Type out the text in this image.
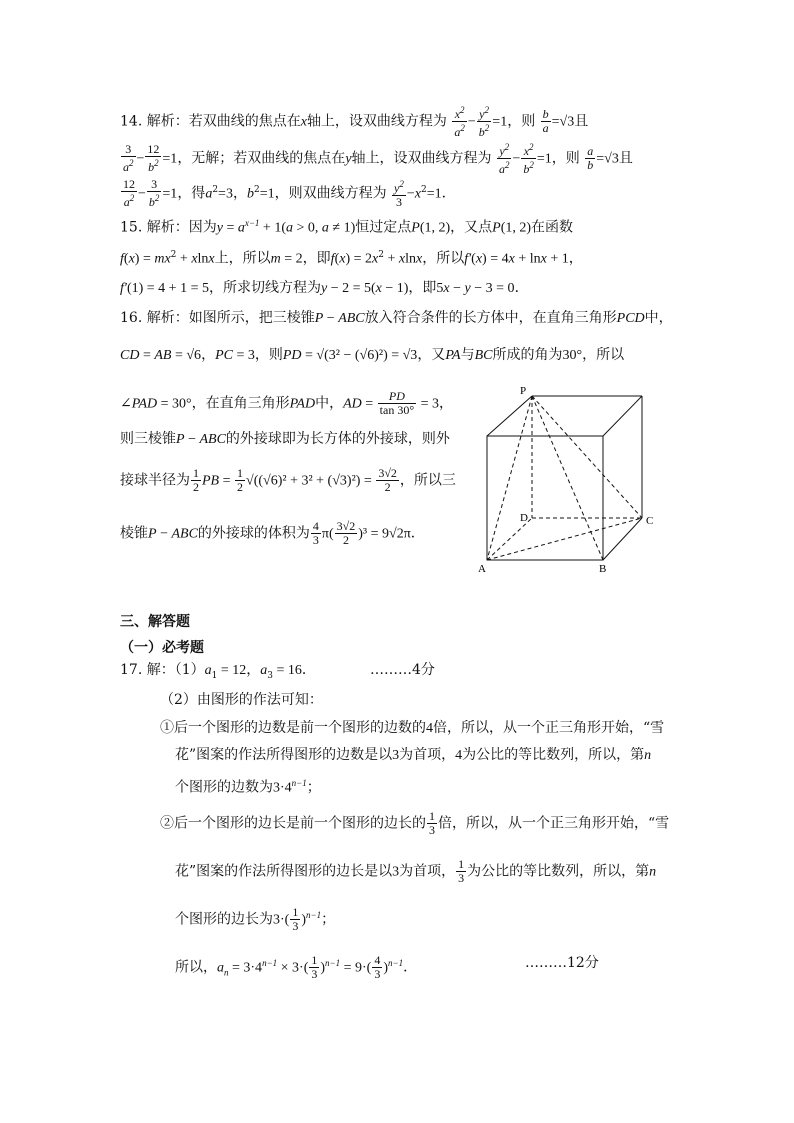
14. 解析：若双曲线的焦点在x轴上，设双曲线方程为 $\frac{x^2}{a^2} - \frac{y^2}{b^2} =1$，则 $\frac{b}{a} =√3$且
$\frac{3}{a^2} - \frac{12}{b^2} =1$，无解；若双曲线的焦点在y轴上，设双曲线方程为 $\frac{y^2}{a^2} - \frac{x^2}{b^2} =1$，则 $\frac{a}{b} =√3$且
$\frac{12}{a^2} - \frac{3}{b^2} =1$，得$a^2=3$，$b^2=1$，则双曲线方程为 $\frac{y^2}{3} -x^2=1$．
15. 解析：因为$y = a^{x-1} + 1(a > 0$, a ≠ 1)恒过定点P(1, 2)，又点P(1, 2)在函数
$f(x) = mx^2 + xlnx$上，所以m = 2，即$f(x) = 2x^2 + xlnx$，所以f′(x) = 4x + lnx + 1，
f′(1) = 4 + 1 = 5，所求切线方程为y − 2 = 5(x − 1)，即5x − y − 3 = 0．
16. 解析：如图所示，把三棱锥P − ABC放入符合条件的长方体中，在直角三角形PCD中，
CD = AB = √6，PC = 3，则PD = √(3² − (√6)²) = √3，又PA与BC所成的角为30°，所以
∠PAD = 30°，在直角三角形PAD中，AD = $\frac{PD}{\tan 30^\circ} = 3$，
则三棱锥P − ABC的外接球即为长方体的外接球，则外
接球半径为 $\frac{1}{2}$ PB = $\frac{1}{2} √((√6)^2 + 3^2 + (√3)^2) = \frac{3√2}{2}$ ，所以三
棱锥P − ABC的外接球的体积为 $\frac{4}{3} \pi( \frac{3√2}{2} )^3 = 9√2\pi$．
P
D	C
A	B
三、解答题
（一）必考题
17. 解：$(1)a_1 = 12$，$a_3 = 16$．	………4分
（2）由图形的作法可知：
①后一个图形的边数是前一个图形的边数的4倍，所以，从一个正三角形开始，“雪
花”图案的作法所得图形的边数是以3为首项，4为公比的等比数列，所以，第n
个图形的边数为$3\cdot 4^{n-1}$；
②后一个图形的边长是前一个图形的边长的 $\frac{1}{3}$ 倍，所以，从一个正三角形开始，“雪
花”图案的作法所得图形的边长是以3为首项， $\frac{1}{3}$ 为公比的等比数列，所以，第n
个图形的边长为$3\cdot( \frac{1}{3} )^{n-1}$；
所以，$a_n = 3\cdot 4^{n-1} \times 3\cdot( \frac{1}{3} )^{n-1} = 9\cdot( \frac{4}{3} )^{n-1}$．	………12分
